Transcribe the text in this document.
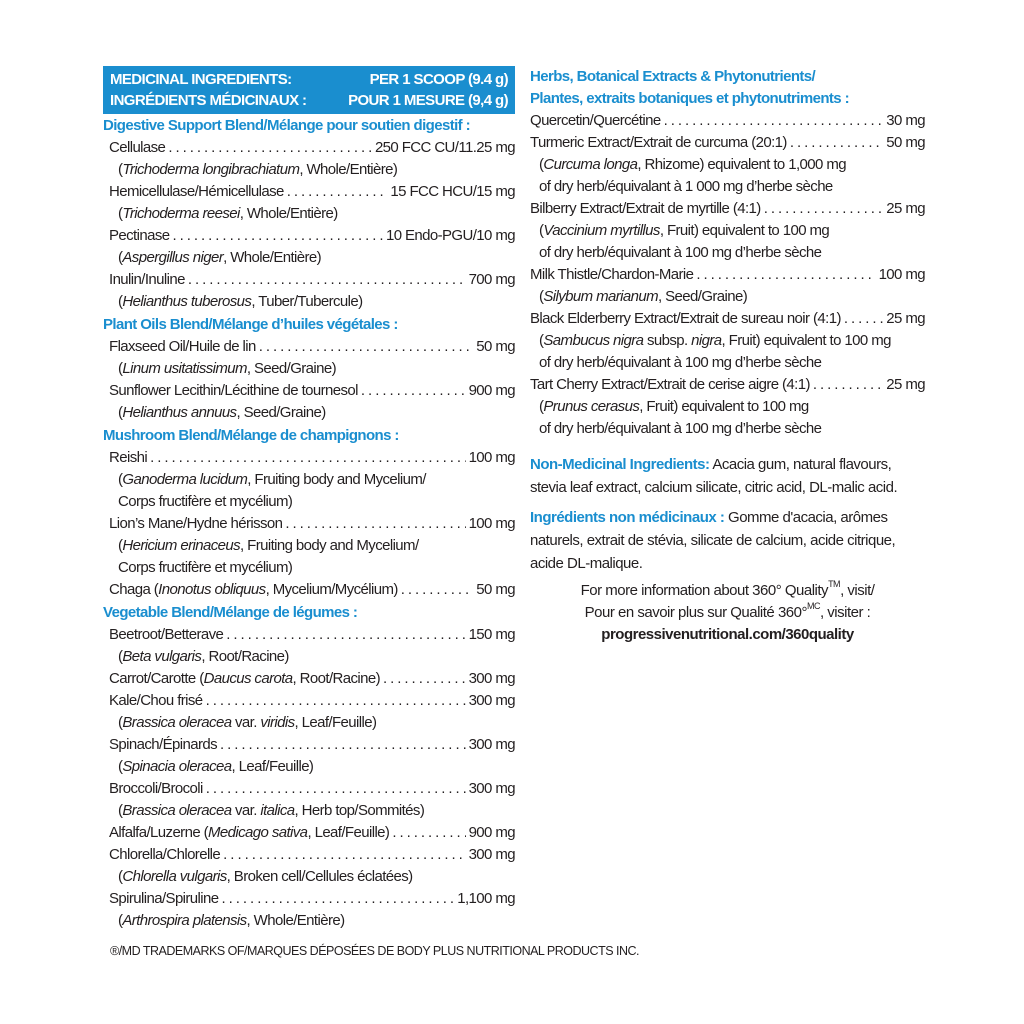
MEDICINAL INGREDIENTS:	PER 1 SCOOP (9.4 g)
INGRÉDIENTS MÉDICINAUX :	POUR 1 MESURE (9,4 g)
Digestive Support Blend/Mélange pour soutien digestif :
Cellulase . . .	250 FCC CU/11.25 mg
(Trichoderma longibrachiatum, Whole/Entière)
Hemicellulase/Hémicellulase . . .	15 FCC HCU/15 mg
(Trichoderma reesei, Whole/Entière)
Pectinase . . .	10 Endo-PGU/10 mg
(Aspergillus niger, Whole/Entière)
Inulin/Inuline . . .	700 mg
(Helianthus tuberosus, Tuber/Tubercule)
Plant Oils Blend/Mélange d’huiles végétales :
Flaxseed Oil/Huile de lin . . .	50 mg
(Linum usitatissimum, Seed/Graine)
Sunflower Lecithin/Lécithine de tournesol . . .	900 mg
(Helianthus annuus, Seed/Graine)
Mushroom Blend/Mélange de champignons :
Reishi . . .	100 mg
(Ganoderma lucidum, Fruiting body and Mycelium/
Corps fructifère et mycélium)
Lion’s Mane/Hydne hérisson . . .	100 mg
(Hericium erinaceus, Fruiting body and Mycelium/
Corps fructifère et mycélium)
Chaga (Inonotus obliquus, Mycelium/Mycélium) . . .	50 mg
Vegetable Blend/Mélange de légumes :
Beetroot/Betterave . . .	150 mg
(Beta vulgaris, Root/Racine)
Carrot/Carotte (Daucus carota, Root/Racine) . . .	300 mg
Kale/Chou frisé . . .	300 mg
(Brassica oleracea var. viridis, Leaf/Feuille)
Spinach/Épinards . . .	300 mg
(Spinacia oleracea, Leaf/Feuille)
Broccoli/Brocoli . . .	300 mg
(Brassica oleracea var. italica, Herb top/Sommités)
Alfalfa/Luzerne (Medicago sativa, Leaf/Feuille) . . .	900 mg
Chlorella/Chlorelle . . .	300 mg
(Chlorella vulgaris, Broken cell/Cellules éclatées)
Spirulina/Spiruline . . .	1,100 mg
(Arthrospira platensis, Whole/Entière)
Herbs, Botanical Extracts & Phytonutrients/
Plantes, extraits botaniques et phytonutriments :
Quercetin/Quercétine . . .	30 mg
Turmeric Extract/Extrait de curcuma (20:1) . . .	50 mg
(Curcuma longa, Rhizome) equivalent to 1,000 mg
of dry herb/équivalant à 1 000 mg d’herbe sèche
Bilberry Extract/Extrait de myrtille (4:1) . . .	25 mg
(Vaccinium myrtillus, Fruit) equivalent to 100 mg
of dry herb/équivalant à 100 mg d’herbe sèche
Milk Thistle/Chardon-Marie . . .	100 mg
(Silybum marianum, Seed/Graine)
Black Elderberry Extract/Extrait de sureau noir (4:1) . . .	25 mg
(Sambucus nigra subsp. nigra, Fruit) equivalent to 100 mg
of dry herb/équivalant à 100 mg d’herbe sèche
Tart Cherry Extract/Extrait de cerise aigre (4:1) . . .	25 mg
(Prunus cerasus, Fruit) equivalent to 100 mg
of dry herb/équivalant à 100 mg d’herbe sèche
Non-Medicinal Ingredients: Acacia gum, natural flavours, stevia leaf extract, calcium silicate, citric acid, DL-malic acid.
Ingrédients non médicinaux : Gomme d'acacia, arômes naturels, extrait de stévia, silicate de calcium, acide citrique, acide DL-malique.
For more information about 360° Quality™, visit/
Pour en savoir plus sur Qualité 360°$^{MC}$, visiter :
progressivenutritional.com/360quality
®/MD TRADEMARKS OF/MARQUES DÉPOSÉES DE BODY PLUS NUTRITIONAL PRODUCTS INC.
